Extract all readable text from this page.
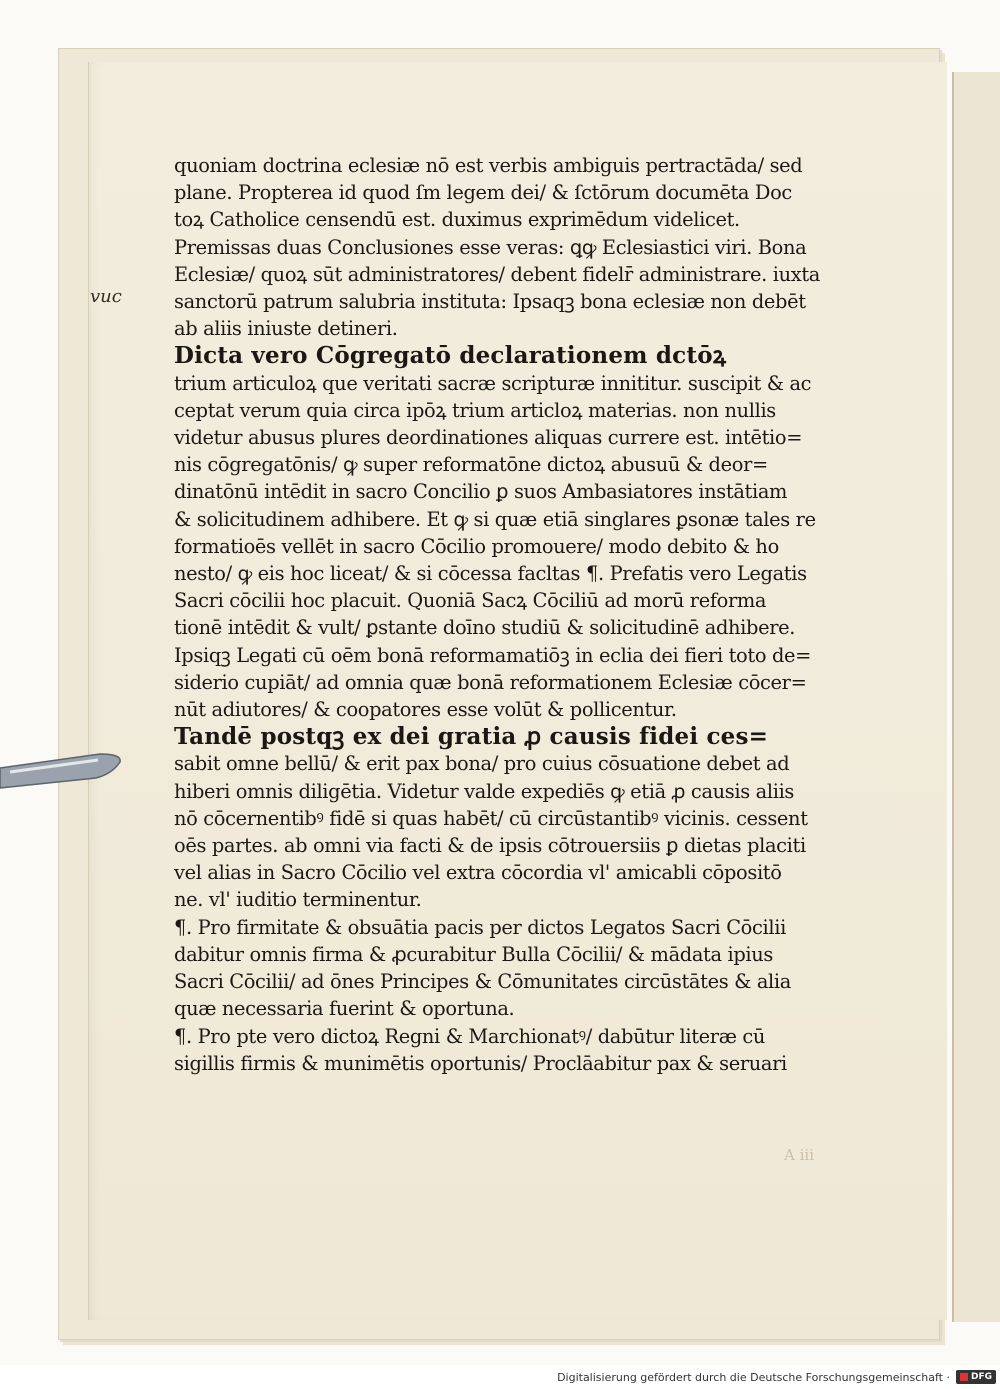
vuc
quoniam doctrina eclesiæ nō est verbis ambiguis pertractāda/ sed
plane. Propterea id quod ſm legem dei/ & ſctōrum documēta Doc
toꝝ Catholice censendū est. duximus exprimēdum videlicet.
Premissas duas Conclusiones esse veras: ꝗꝙ Eclesiastici viri. Bona
Eclesiæ/ quoꝝ sūt administratores/ debent fidelr̄ administrare. iuxta
sanctorū patrum salubria instituta: Ipsaqꝫ bona eclesiæ non debēt
ab aliis iniuste detineri.
Dicta vero Cōgregatō declarationem dctōꝝ
trium articuloꝝ que veritati sacræ scripturæ innititur. suscipit & ac
ceptat verum quia circa ipōꝝ trium articloꝝ materias. non nullis
videtur abusus plures deordinationes aliquas currere est. intētio=
nis cōgregatōnis/ ꝙ super reformatōne dictoꝝ abusuū & deor=
dinatōnū intēdit in sacro Concilio ꝑ suos Ambasiatores instātiam
& solicitudinem adhibere. Et ꝙ si quæ etiā singlares ꝑsonæ tales re
formatioēs vellēt in sacro Cōcilio promouere/ modo debito & ho
nesto/ ꝙ eis hoc liceat/ & si cōcessa facltas ¶. Prefatis vero Legatis
Sacri cōcilii hoc placuit. Quoniā Sacꝝ Cōciliū ad morū reforma
tionē intēdit & vult/ ꝑstante doīno studiū & solicitudinē adhibere.
Ipsiqꝫ Legati cū oēm bonā reformamatiōꝫ in eclia dei fieri toto de=
siderio cupiāt/ ad omnia quæ bonā reformationem Eclesiæ cōcer=
nūt adiutores/ & coopatores esse volūt & pollicentur.
Tandē postqꝫ ex dei gratia ꝓ causis fidei ces=
sabit omne bellū/ & erit pax bona/ pro cuius cōsuatione debet ad
hiberi omnis diligētia. Videtur valde expediēs ꝙ etiā ꝓ causis aliis
nō cōcernentibꝰ fidē si quas habēt/ cū circūstantibꝰ vicinis. cessent
oēs partes. ab omni via facti & de ipsis cōtrouersiis ꝑ dietas placiti
vel alias in Sacro Cōcilio vel extra cōcordia vl' amicabli cōpositō
ne. vl' iuditio terminentur.
¶. Pro firmitate & obsuātia pacis per dictos Legatos Sacri Cōcilii
dabitur omnis firma & ꝓcurabitur Bulla Cōcilii/ & mādata ipius
Sacri Cōcilii/ ad ōnes Principes & Cōmunitates circūstātes & alia
quæ necessaria fuerint & oportuna.
¶. Pro pte vero dictoꝝ Regni & Marchionatꝰ/ dabūtur literæ cū
sigillis firmis & munimētis oportunis/ Proclāabitur pax & seruari
A iii
Digitalisierung gefördert durch die Deutsche Forschungsgemeinschaft · DFG
